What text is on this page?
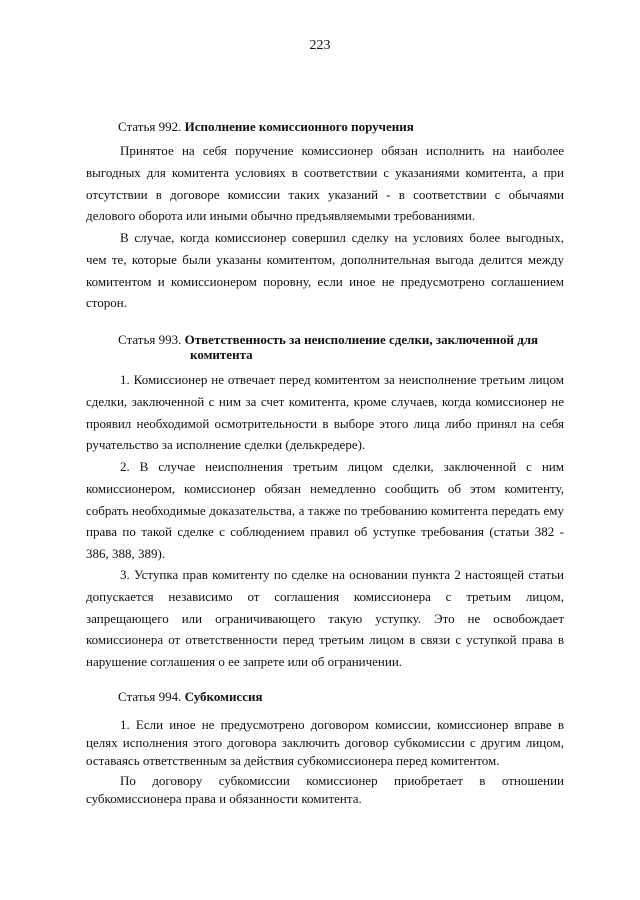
223
Статья 992. Исполнение комиссионного поручения
Принятое на себя поручение комиссионер обязан исполнить на наиболее выгодных для комитента условиях в соответствии с указаниями комитента, а при отсутствии в договоре комиссии таких указаний - в соответствии с обычаями делового оборота или иными обычно предъявляемыми требованиями.
В случае, когда комиссионер совершил сделку на условиях более выгодных, чем те, которые были указаны комитентом, дополнительная выгода делится между комитентом и комиссионером поровну, если иное не предусмотрено соглашением сторон.
Статья 993. Ответственность за неисполнение сделки, заключенной для
комитента
1. Комиссионер не отвечает перед комитентом за неисполнение третьим лицом сделки, заключенной с ним за счет комитента, кроме случаев, когда комиссионер не проявил необходимой осмотрительности в выборе этого лица либо принял на себя ручательство за исполнение сделки (делькредере).
2. В случае неисполнения третьим лицом сделки, заключенной с ним комиссионером, комиссионер обязан немедленно сообщить об этом комитенту, собрать необходимые доказательства, а также по требованию комитента передать ему права по такой сделке с соблюдением правил об уступке требования (статьи 382 - 386, 388, 389).
3. Уступка прав комитенту по сделке на основании пункта 2 настоящей статьи допускается независимо от соглашения комиссионера с третьим лицом, запрещающего или ограничивающего такую уступку. Это не освобождает комиссионера от ответственности перед третьим лицом в связи с уступкой права в нарушение соглашения о ее запрете или об ограничении.
Статья 994. Субкомиссия
1. Если иное не предусмотрено договором комиссии, комиссионер вправе в целях исполнения этого договора заключить договор субкомиссии с другим лицом, оставаясь ответственным за действия субкомиссионера перед комитентом.
По договору субкомиссии комиссионер приобретает в отношении субкомиссионера права и обязанности комитента.
